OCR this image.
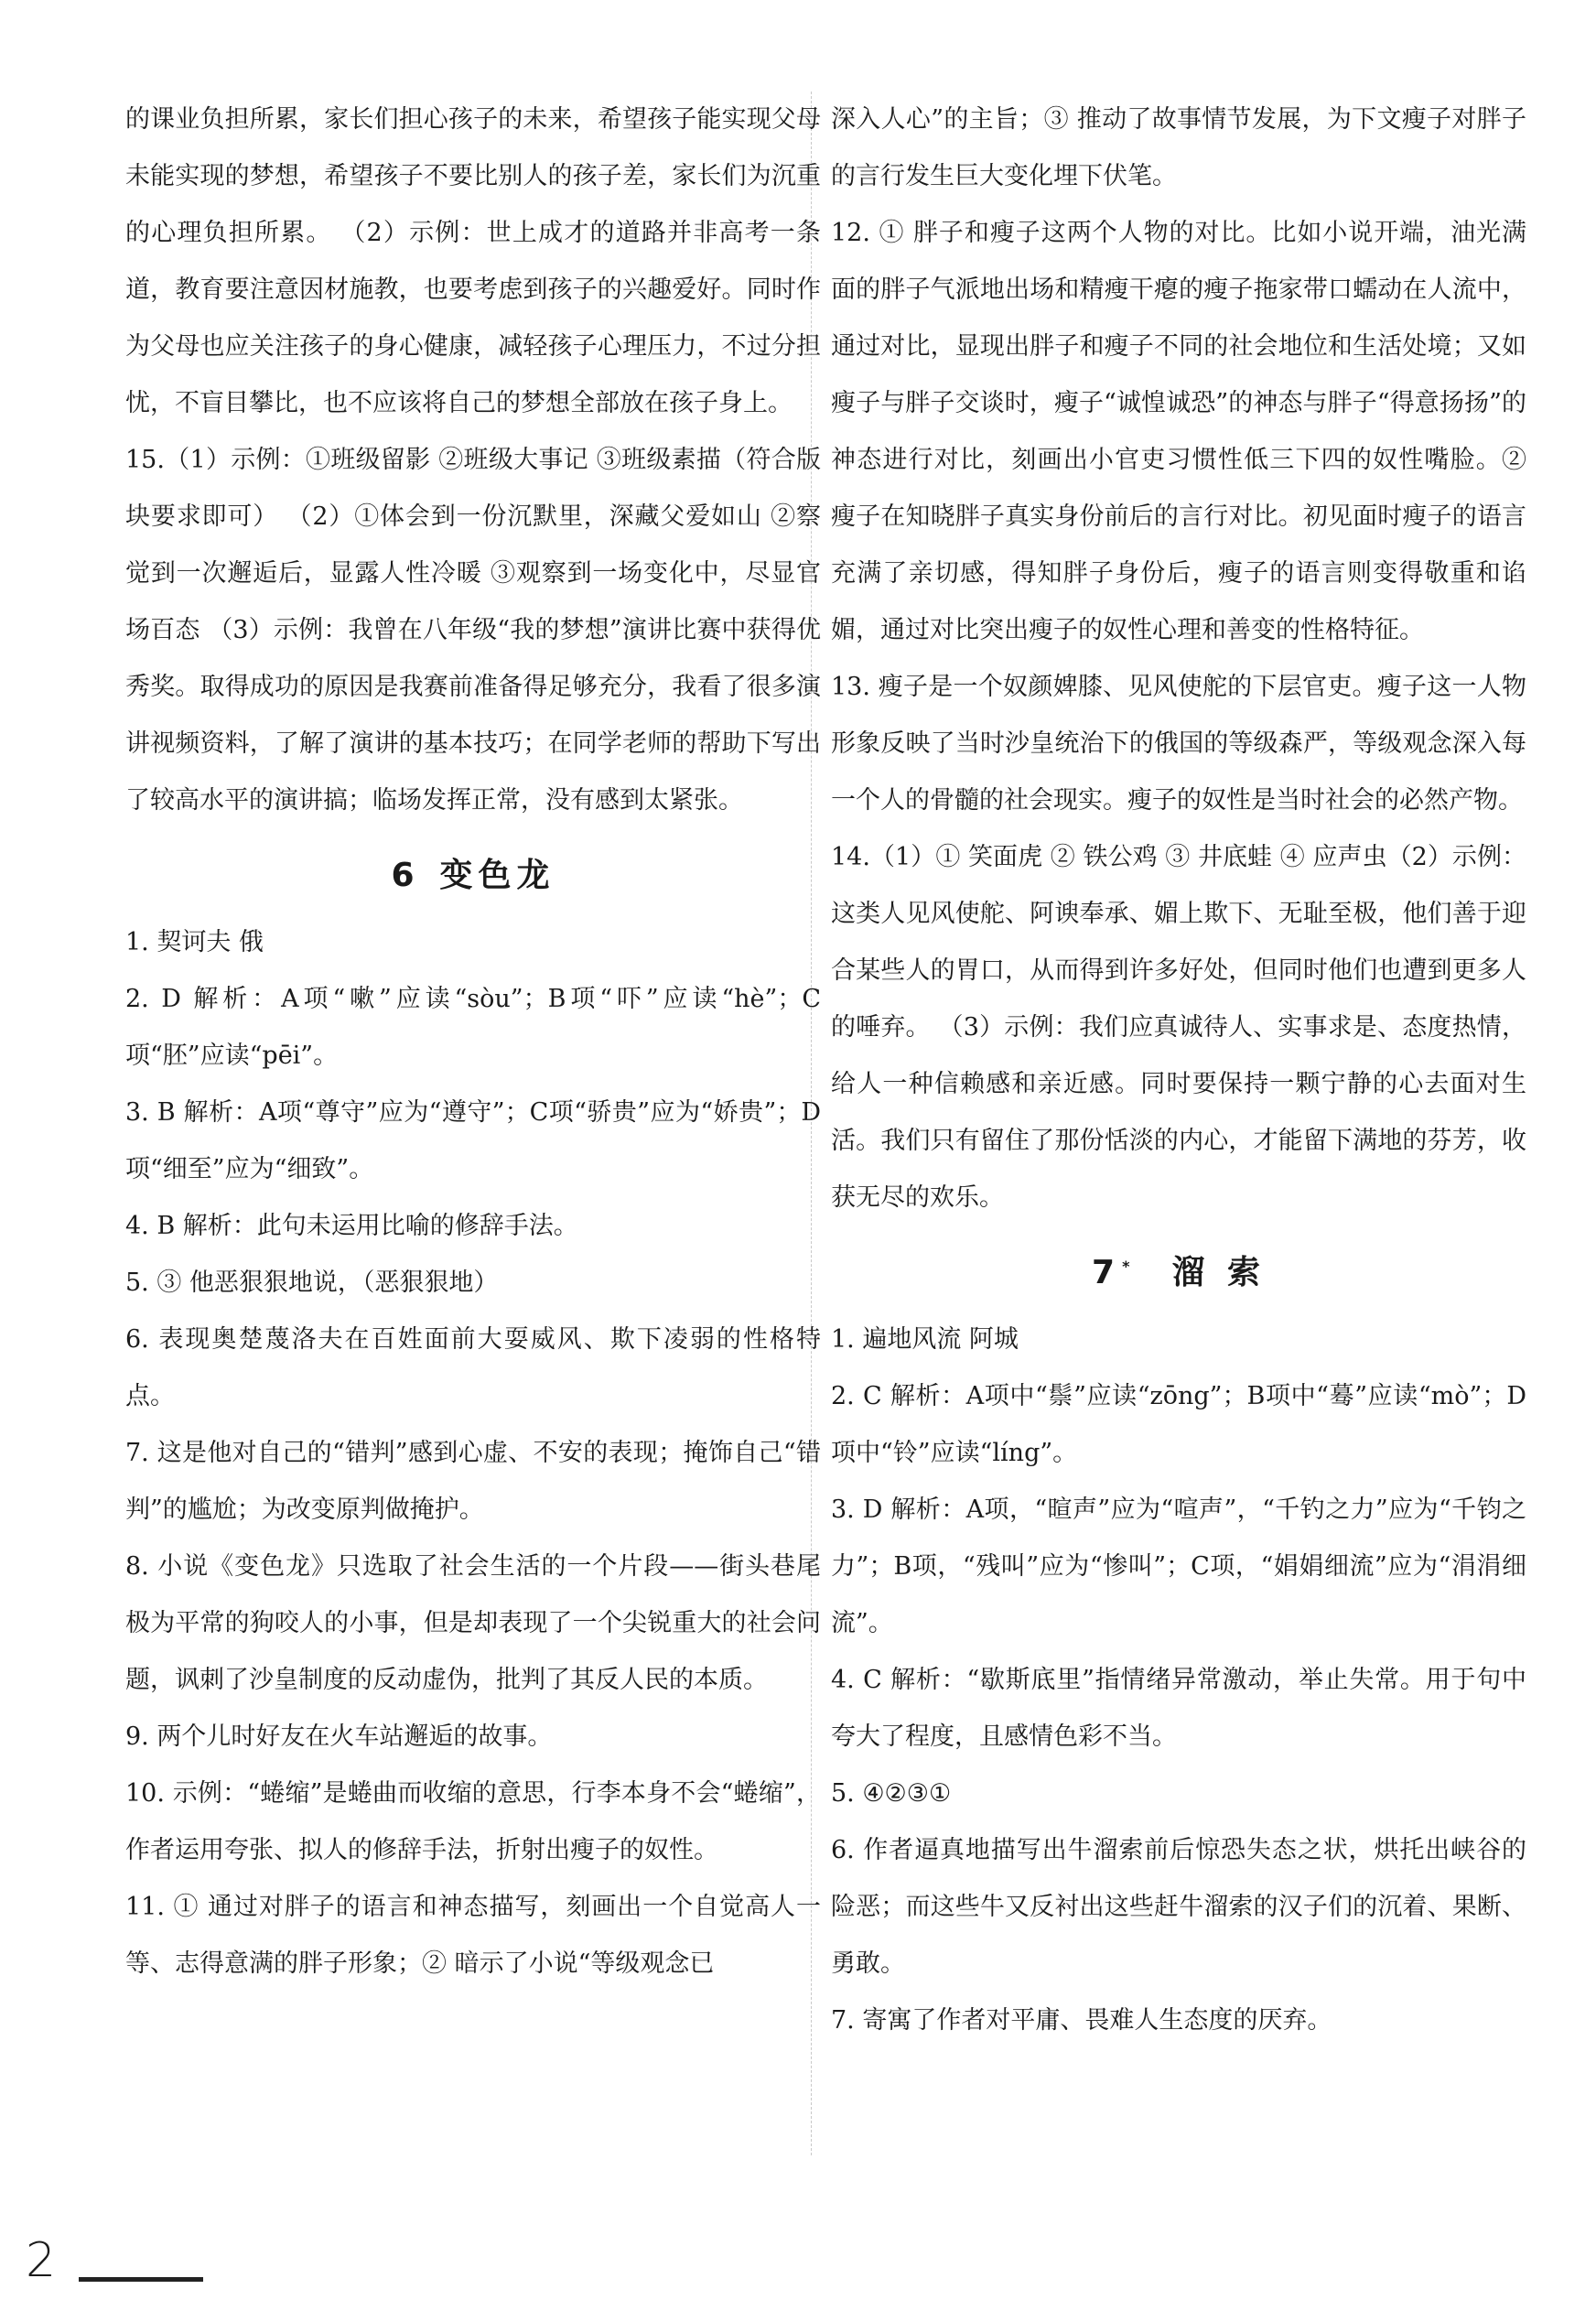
的课业负担所累，家长们担心孩子的未来，希望孩子能实现父母未能实现的梦想，希望孩子不要比别人的孩子差，家长们为沉重的心理负担所累。 （2）示例：世上成才的道路并非高考一条道，教育要注意因材施教，也要考虑到孩子的兴趣爱好。同时作为父母也应关注孩子的身心健康，减轻孩子心理压力，不过分担忧，不盲目攀比，也不应该将自己的梦想全部放在孩子身上。

15.（1）示例：①班级留影 ②班级大事记 ③班级素描（符合版块要求即可） （2）①体会到一份沉默里，深藏父爱如山 ②察觉到一次邂逅后，显露人性冷暖 ③观察到一场变化中，尽显官场百态 （3）示例：我曾在八年级“我的梦想”演讲比赛中获得优秀奖。取得成功的原因是我赛前准备得足够充分，我看了很多演讲视频资料，了解了演讲的基本技巧；在同学老师的帮助下写出了较高水平的演讲搞；临场发挥正常，没有感到太紧张。

6 变色龙

1. 契诃夫 俄

2. D 解析：A项“嗽”应读“sòu”；B项“吓”应读“hè”；C项“胚”应读“pēi”。

3. B 解析：A项“尊守”应为“遵守”；C项“骄贵”应为“娇贵”；D项“细至”应为“细致”。

4. B 解析：此句未运用比喻的修辞手法。

5. ③ 他恶狠狠地说，（恶狠狠地）

6. 表现奥楚蔑洛夫在百姓面前大耍威风、欺下凌弱的性格特点。

7. 这是他对自己的“错判”感到心虚、不安的表现；掩饰自己“错判”的尴尬；为改变原判做掩护。

8. 小说《变色龙》只选取了社会生活的一个片段——街头巷尾极为平常的狗咬人的小事，但是却表现了一个尖锐重大的社会问题，讽刺了沙皇制度的反动虚伪，批判了其反人民的本质。

9. 两个儿时好友在火车站邂逅的故事。

10. 示例：“蜷缩”是蜷曲而收缩的意思，行李本身不会“蜷缩”，作者运用夸张、拟人的修辞手法，折射出瘦子的奴性。

11. ① 通过对胖子的语言和神态描写，刻画出一个自觉高人一等、志得意满的胖子形象；② 暗示了小说“等级观念已

深入人心”的主旨；③ 推动了故事情节发展，为下文瘦子对胖子的言行发生巨大变化埋下伏笔。

12. ① 胖子和瘦子这两个人物的对比。比如小说开端，油光满面的胖子气派地出场和精瘦干瘪的瘦子拖家带口蠕动在人流中，通过对比，显现出胖子和瘦子不同的社会地位和生活处境；又如瘦子与胖子交谈时，瘦子“诚惶诚恐”的神态与胖子“得意扬扬”的神态进行对比，刻画出小官吏习惯性低三下四的奴性嘴脸。② 瘦子在知晓胖子真实身份前后的言行对比。初见面时瘦子的语言充满了亲切感，得知胖子身份后，瘦子的语言则变得敬重和谄媚，通过对比突出瘦子的奴性心理和善变的性格特征。

13. 瘦子是一个奴颜婢膝、见风使舵的下层官吏。瘦子这一人物形象反映了当时沙皇统治下的俄国的等级森严，等级观念深入每一个人的骨髓的社会现实。瘦子的奴性是当时社会的必然产物。

14.（1）① 笑面虎 ② 铁公鸡 ③ 井底蛙 ④ 应声虫（2）示例：这类人见风使舵、阿谀奉承、媚上欺下、无耻至极，他们善于迎合某些人的胃口，从而得到许多好处，但同时他们也遭到更多人的唾弃。 （3）示例：我们应真诚待人、实事求是、态度热情，给人一种信赖感和亲近感。同时要保持一颗宁静的心去面对生活。我们只有留住了那份恬淡的内心，才能留下满地的芬芳，收获无尽的欢乐。

7 * 溜 索

1. 遍地风流 阿城

2. C 解析：A项中“鬃”应读“zōng”；B项中“蓦”应读“mò”；D项中“铃”应读“líng”。

3. D 解析：A项，“暄声”应为“喧声”，“千钓之力”应为“千钧之力”；B项，“残叫”应为“惨叫”；C项，“娟娟细流”应为“涓涓细流”。

4. C 解析：“歇斯底里”指情绪异常激动，举止失常。用于句中夸大了程度，且感情色彩不当。

5. ④②③①

6. 作者逼真地描写出牛溜索前后惊恐失态之状，烘托出峡谷的险恶；而这些牛又反衬出这些赶牛溜索的汉子们的沉着、果断、勇敢。

7. 寄寓了作者对平庸、畏难人生态度的厌弃。

2
